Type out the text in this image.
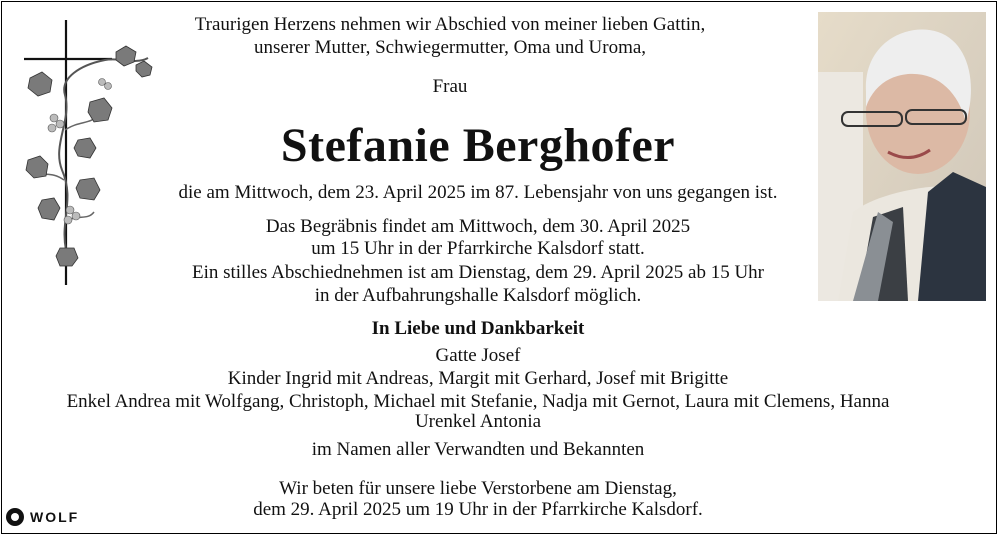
Traurigen Herzens nehmen wir Abschied von meiner lieben Gattin,
unserer Mutter, Schwiegermutter, Oma und Uroma,
Frau
Stefanie Berghofer
die am Mittwoch, dem 23. April 2025 im 87. Lebensjahr von uns gegangen ist.
Das Begräbnis findet am Mittwoch, dem 30. April 2025
um 15 Uhr in der Pfarrkirche Kalsdorf statt.
Ein stilles Abschiednehmen ist am Dienstag, dem 29. April 2025 ab 15 Uhr
in der Aufbahrungshalle Kalsdorf möglich.
In Liebe und Dankbarkeit
Gatte Josef
Kinder Ingrid mit Andreas, Margit mit Gerhard, Josef mit Brigitte
Enkel Andrea mit Wolfgang, Christoph, Michael mit Stefanie, Nadja mit Gernot, Laura mit Clemens, Hanna
Urenkel Antonia
im Namen aller Verwandten und Bekannten
Wir beten für unsere liebe Verstorbene am Dienstag,
dem 29. April 2025 um 19 Uhr in der Pfarrkirche Kalsdorf.
WOLF
